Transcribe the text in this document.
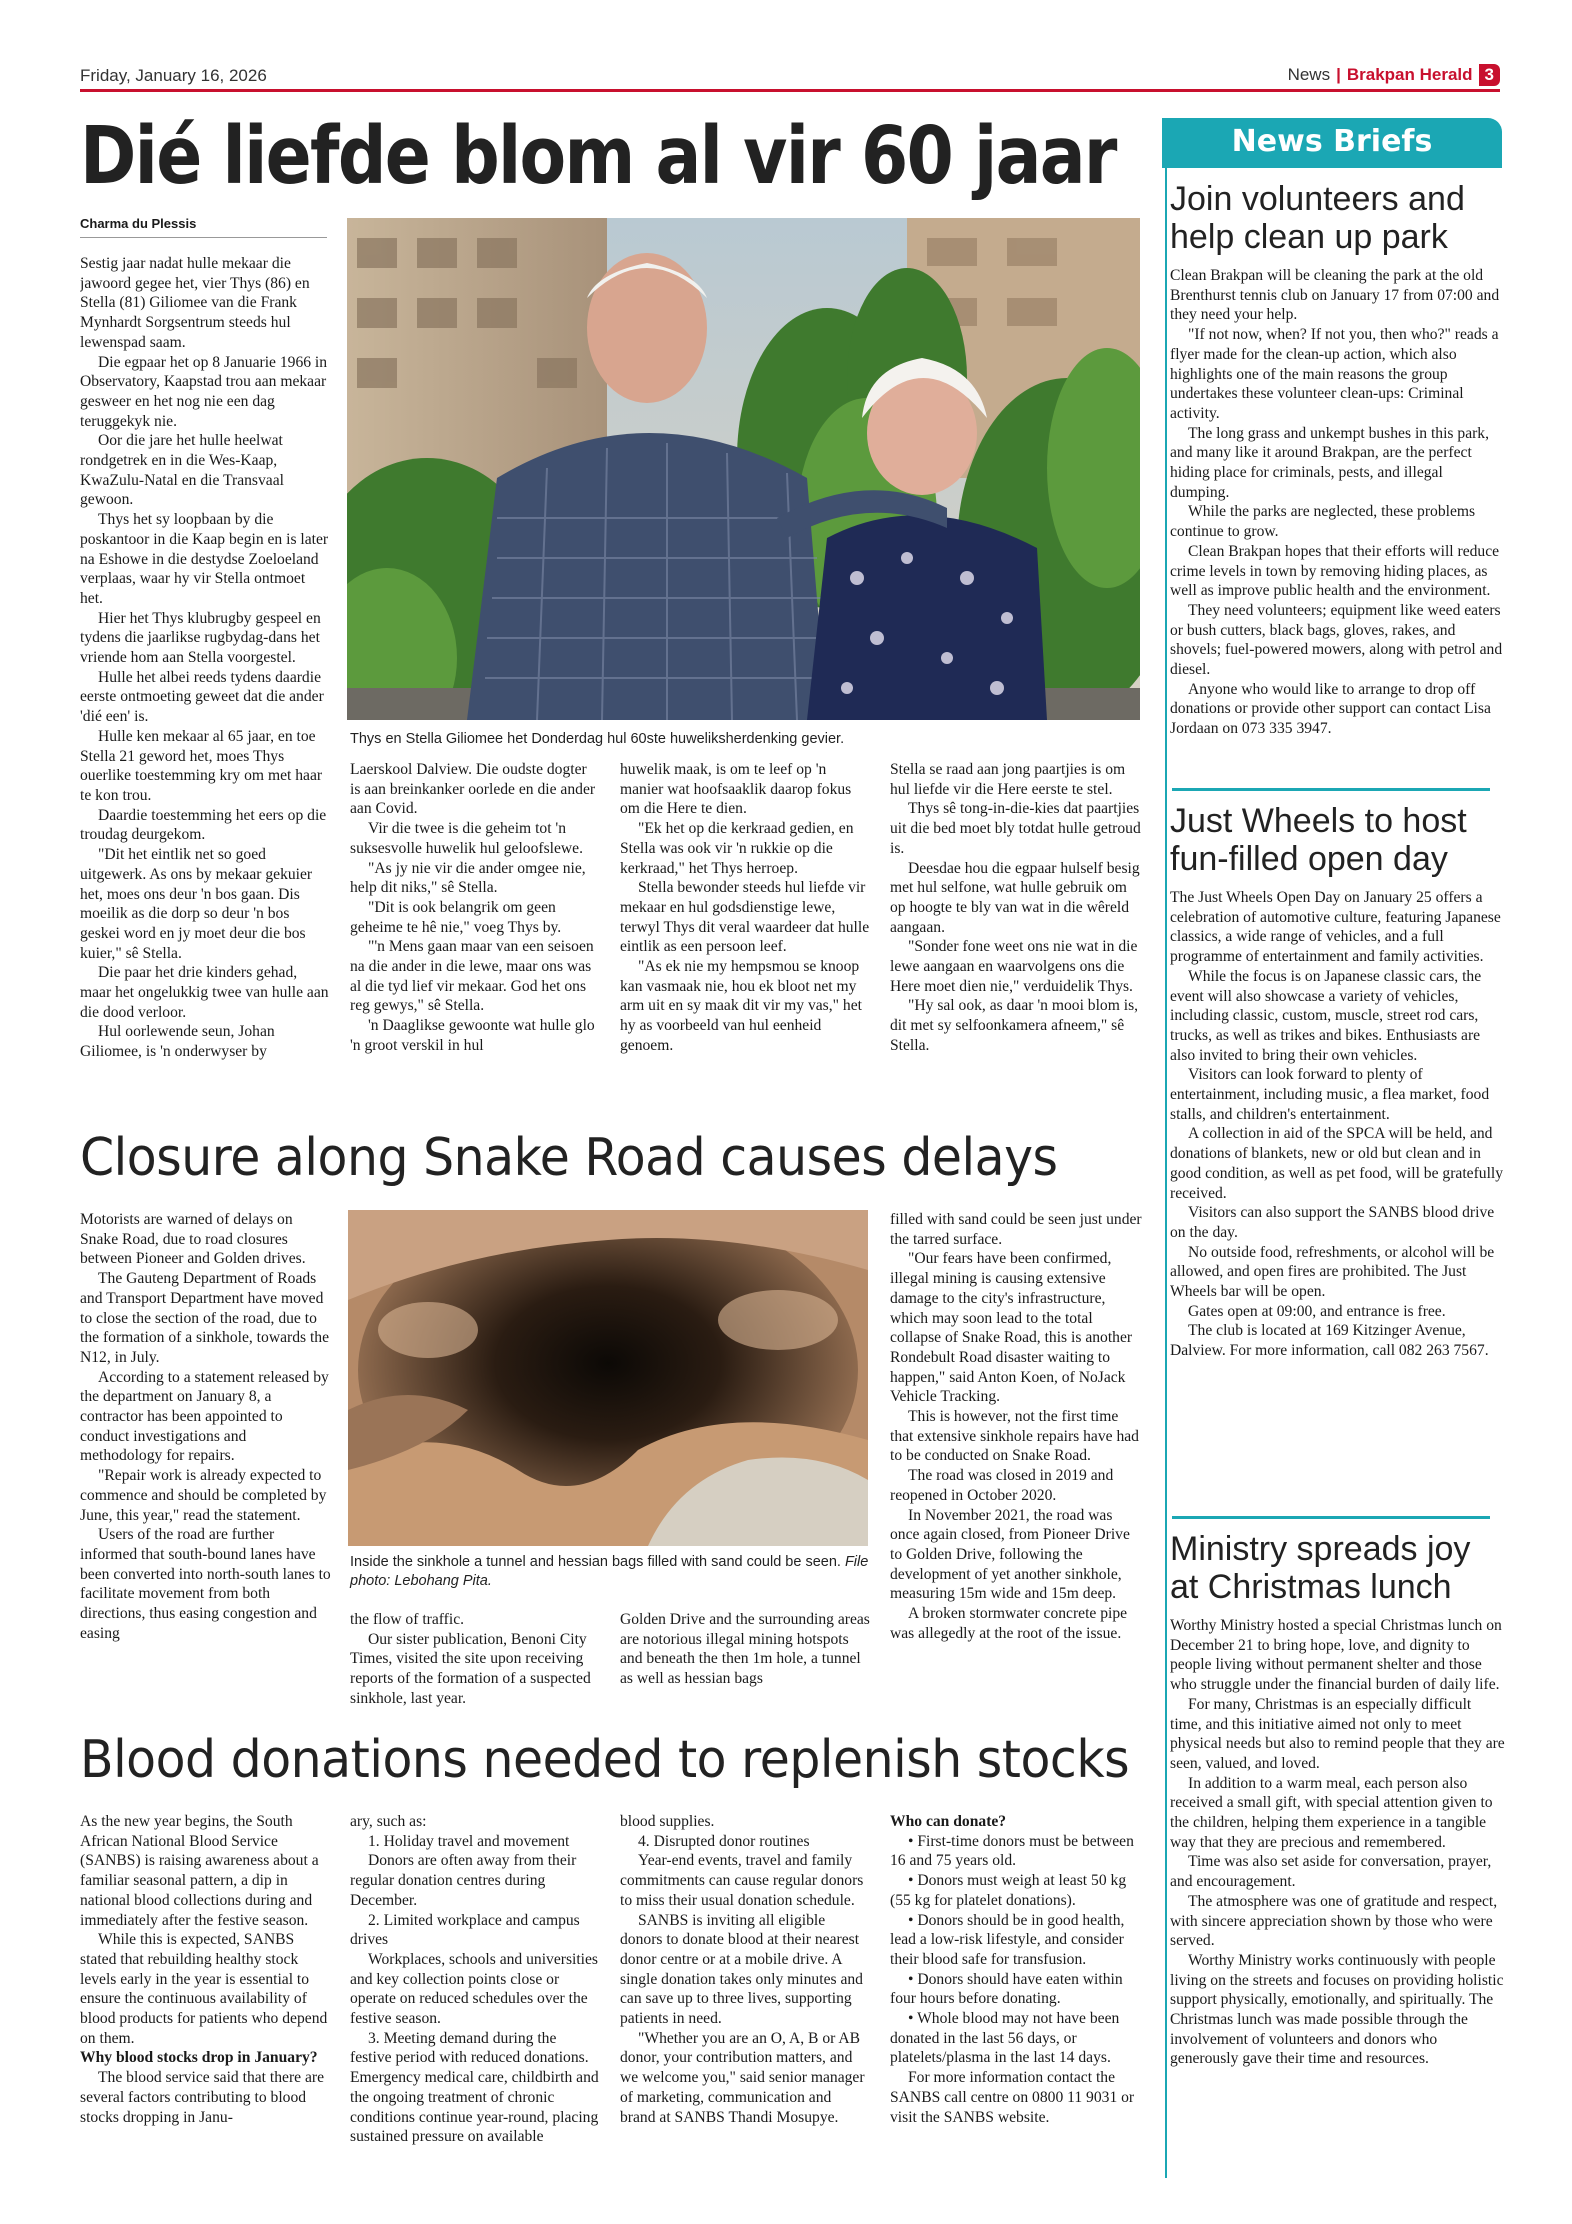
Friday, January 16, 2026	News | Brakpan Herald 3
Dié liefde blom al vir 60 jaar
Charma du Plessis

Sestig jaar nadat hulle mekaar die jawoord gegee het, vier Thys (86) en Stella (81) Giliomee van die Frank Mynhardt Sorgsentrum steeds hul lewenspad saam.

Die egpaar het op 8 Januarie 1966 in Observatory, Kaapstad trou aan mekaar gesweer en het nog nie een dag teruggekyk nie.

Oor die jare het hulle heelwat rondgetrek en in die Wes-Kaap, KwaZulu-Natal en die Transvaal gewoon.

Thys het sy loopbaan by die poskantoor in die Kaap begin en is later na Eshowe in die destydse Zoeloeland verplaas, waar hy vir Stella ontmoet het.

Hier het Thys klubrugby gespeel en tydens die jaarlikse rugbydag-dans het vriende hom aan Stella voorgestel.

Hulle het albei reeds tydens daardie eerste ontmoeting geweet dat die ander 'dié een' is.

Hulle ken mekaar al 65 jaar, en toe Stella 21 geword het, moes Thys ouerlike toestemming kry om met haar te kon trou.

Daardie toestemming het eers op die troudag deurgekom.

"Dit het eintlik net so goed uitgewerk. As ons by mekaar gekuier het, moes ons deur 'n bos gaan. Dis moeilik as die dorp so deur 'n bos geskei word en jy moet deur die bos kuier," sê Stella.

Die paar het drie kinders gehad, maar het ongelukkig twee van hulle aan die dood verloor.

Hul oorlewende seun, Johan Giliomee, is 'n onderwyser by

Thys en Stella Giliomee het Donderdag hul 60ste huweliksherdenking gevier.

Laerskool Dalview. Die oudste dogter is aan breinkanker oorlede en die ander aan Covid.

Vir die twee is die geheim tot 'n suksesvolle huwelik hul geloofslewe.

"As jy nie vir die ander omgee nie, help dit niks," sê Stella.

"Dit is ook belangrik om geen geheime te hê nie," voeg Thys by.

"'n Mens gaan maar van een seisoen na die ander in die lewe, maar ons was al die tyd lief vir mekaar. God het ons reg gewys," sê Stella.

'n Daaglikse gewoonte wat hulle glo 'n groot verskil in hul

huwelik maak, is om te leef op 'n manier wat hoofsaaklik daarop fokus om die Here te dien.

"Ek het op die kerkraad gedien, en Stella was ook vir 'n rukkie op die kerkraad," het Thys herroep.

Stella bewonder steeds hul liefde vir mekaar en hul godsdienstige lewe, terwyl Thys dit veral waardeer dat hulle eintlik as een persoon leef.

"As ek nie my hempsmou se knoop kan vasmaak nie, hou ek bloot net my arm uit en sy maak dit vir my vas," het hy as voorbeeld van hul eenheid genoem.

Stella se raad aan jong paartjies is om hul liefde vir die Here eerste te stel.

Thys sê tong-in-die-kies dat paartjies uit die bed moet bly totdat hulle getroud is.

Deesdae hou die egpaar hulself besig met hul selfone, wat hulle gebruik om op hoogte te bly van wat in die wêreld aangaan.

"Sonder fone weet ons nie wat in die lewe aangaan en waarvolgens ons die Here moet dien nie," verduidelik Thys.

"Hy sal ook, as daar 'n mooi blom is, dit met sy selfoonkamera afneem," sê Stella.

Closure along Snake Road causes delays

Motorists are warned of delays on Snake Road, due to road closures between Pioneer and Golden drives.

The Gauteng Department of Roads and Transport Department have moved to close the section of the road, due to the formation of a sinkhole, towards the N12, in July.

According to a statement released by the department on January 8, a contractor has been appointed to conduct investigations and methodology for repairs.

"Repair work is already expected to commence and should be completed by June, this year," read the statement.

Users of the road are further informed that south-bound lanes have been converted into north-south lanes to facilitate movement from both directions, thus easing congestion and easing

Inside the sinkhole a tunnel and hessian bags filled with sand could be seen. File photo: Lebohang Pita.

the flow of traffic.

Our sister publication, Benoni City Times, visited the site upon receiving reports of the formation of a suspected sinkhole, last year.

Golden Drive and the surrounding areas are notorious illegal mining hotspots and beneath the then 1m hole, a tunnel as well as hessian bags

filled with sand could be seen just under the tarred surface.

"Our fears have been confirmed, illegal mining is causing extensive damage to the city's infrastructure, which may soon lead to the total collapse of Snake Road, this is another Rondebult Road disaster waiting to happen," said Anton Koen, of NoJack Vehicle Tracking.

This is however, not the first time that extensive sinkhole repairs have had to be conducted on Snake Road.

The road was closed in 2019 and reopened in October 2020.

In November 2021, the road was once again closed, from Pioneer Drive to Golden Drive, following the development of yet another sinkhole, measuring 15m wide and 15m deep.

A broken stormwater concrete pipe was allegedly at the root of the issue.

Blood donations needed to replenish stocks

As the new year begins, the South African National Blood Service (SANBS) is raising awareness about a familiar seasonal pattern, a dip in national blood collections during and immediately after the festive season.

While this is expected, SANBS stated that rebuilding healthy stock levels early in the year is essential to ensure the continuous availability of blood products for patients who depend on them.

Why blood stocks drop in January?

The blood service said that there are several factors contributing to blood stocks dropping in Janu-

ary, such as:

1. Holiday travel and movement

Donors are often away from their regular donation centres during December.

2. Limited workplace and campus drives

Workplaces, schools and universities and key collection points close or operate on reduced schedules over the festive season.

3. Meeting demand during the festive period with reduced donations. Emergency medical care, childbirth and the ongoing treatment of chronic conditions continue year-round, placing sustained pressure on available

blood supplies.

4. Disrupted donor routines

Year-end events, travel and family commitments can cause regular donors to miss their usual donation schedule.

SANBS is inviting all eligible donors to donate blood at their nearest donor centre or at a mobile drive. A single donation takes only minutes and can save up to three lives, supporting patients in need.

"Whether you are an O, A, B or AB donor, your contribution matters, and we welcome you," said senior manager of marketing, communication and brand at SANBS Thandi Mosupye.

Who can donate?

• First-time donors must be between 16 and 75 years old.

• Donors must weigh at least 50 kg (55 kg for platelet donations).

• Donors should be in good health, lead a low-risk lifestyle, and consider their blood safe for transfusion.

• Donors should have eaten within four hours before donating.

• Whole blood may not have been donated in the last 56 days, or platelets/plasma in the last 14 days.

For more information contact the SANBS call centre on 0800 11 9031 or visit the SANBS website.

News Briefs
Join volunteers and help clean up park

Clean Brakpan will be cleaning the park at the old Brenthurst tennis club on January 17 from 07:00 and they need your help.

"If not now, when? If not you, then who?" reads a flyer made for the clean-up action, which also highlights one of the main reasons the group undertakes these volunteer clean-ups: Criminal activity.

The long grass and unkempt bushes in this park, and many like it around Brakpan, are the perfect hiding place for criminals, pests, and illegal dumping.

While the parks are neglected, these problems continue to grow.

Clean Brakpan hopes that their efforts will reduce crime levels in town by removing hiding places, as well as improve public health and the environment.

They need volunteers; equipment like weed eaters or bush cutters, black bags, gloves, rakes, and shovels; fuel-powered mowers, along with petrol and diesel.

Anyone who would like to arrange to drop off donations or provide other support can contact Lisa Jordaan on 073 335 3947.

Just Wheels to host fun-filled open day

The Just Wheels Open Day on January 25 offers a celebration of automotive culture, featuring Japanese classics, a wide range of vehicles, and a full programme of entertainment and family activities.

While the focus is on Japanese classic cars, the event will also showcase a variety of vehicles, including classic, custom, muscle, street rod cars, trucks, as well as trikes and bikes. Enthusiasts are also invited to bring their own vehicles.

Visitors can look forward to plenty of entertainment, including music, a flea market, food stalls, and children's entertainment.

A collection in aid of the SPCA will be held, and donations of blankets, new or old but clean and in good condition, as well as pet food, will be gratefully received.

Visitors can also support the SANBS blood drive on the day.

No outside food, refreshments, or alcohol will be allowed, and open fires are prohibited. The Just Wheels bar will be open.

Gates open at 09:00, and entrance is free.

The club is located at 169 Kitzinger Avenue, Dalview. For more information, call 082 263 7567.

Ministry spreads joy at Christmas lunch

Worthy Ministry hosted a special Christmas lunch on December 21 to bring hope, love, and dignity to people living without permanent shelter and those who struggle under the financial burden of daily life.

For many, Christmas is an especially difficult time, and this initiative aimed not only to meet physical needs but also to remind people that they are seen, valued, and loved.

In addition to a warm meal, each person also received a small gift, with special attention given to the children, helping them experience in a tangible way that they are precious and remembered.

Time was also set aside for conversation, prayer, and encouragement.

The atmosphere was one of gratitude and respect, with sincere appreciation shown by those who were served.

Worthy Ministry works continuously with people living on the streets and focuses on providing holistic support physically, emotionally, and spiritually. The Christmas lunch was made possible through the involvement of volunteers and donors who generously gave their time and resources.
